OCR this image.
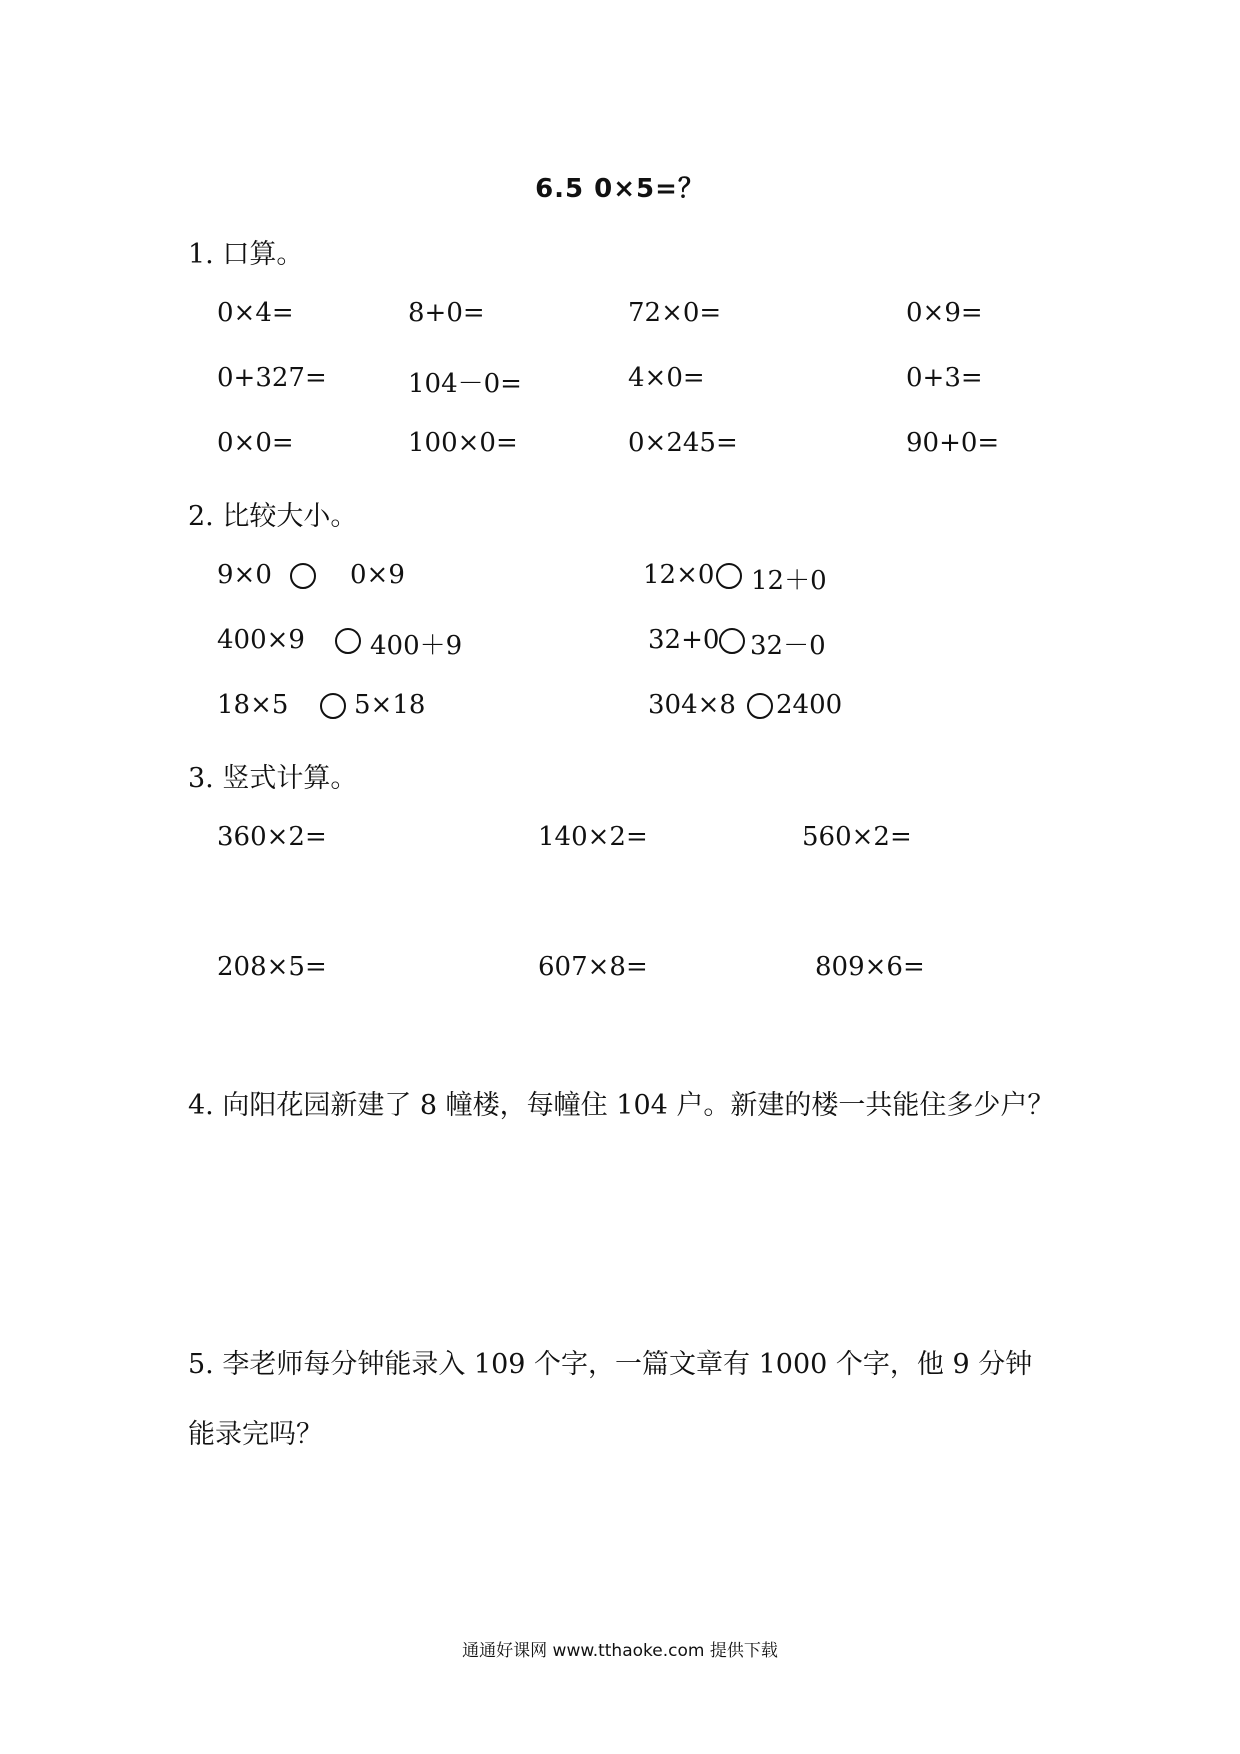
6.5 0×5=？
1. 口算。
0×4=	8+0=	72×0=	0×9=
0+327=	104－0=	4×0=	0+3=
0×0=	100×0=	0×245=	90+0=
2. 比较大小。
9×0	0×9	12×0 12＋0
400×9	400＋9	32+0 32－0
18×5	5×18	304×8 2400
3. 竖式计算。
360×2=	140×2=	560×2=
208×5=	607×8=	809×6=
4. 向阳花园新建了 8 幢楼，每幢住 104 户。新建的楼一共能住多少户？
5. 李老师每分钟能录入 109 个字，一篇文章有 1000 个字，他 9 分钟
能录完吗？
通通好课网 www.tthaoke.com 提供下载
